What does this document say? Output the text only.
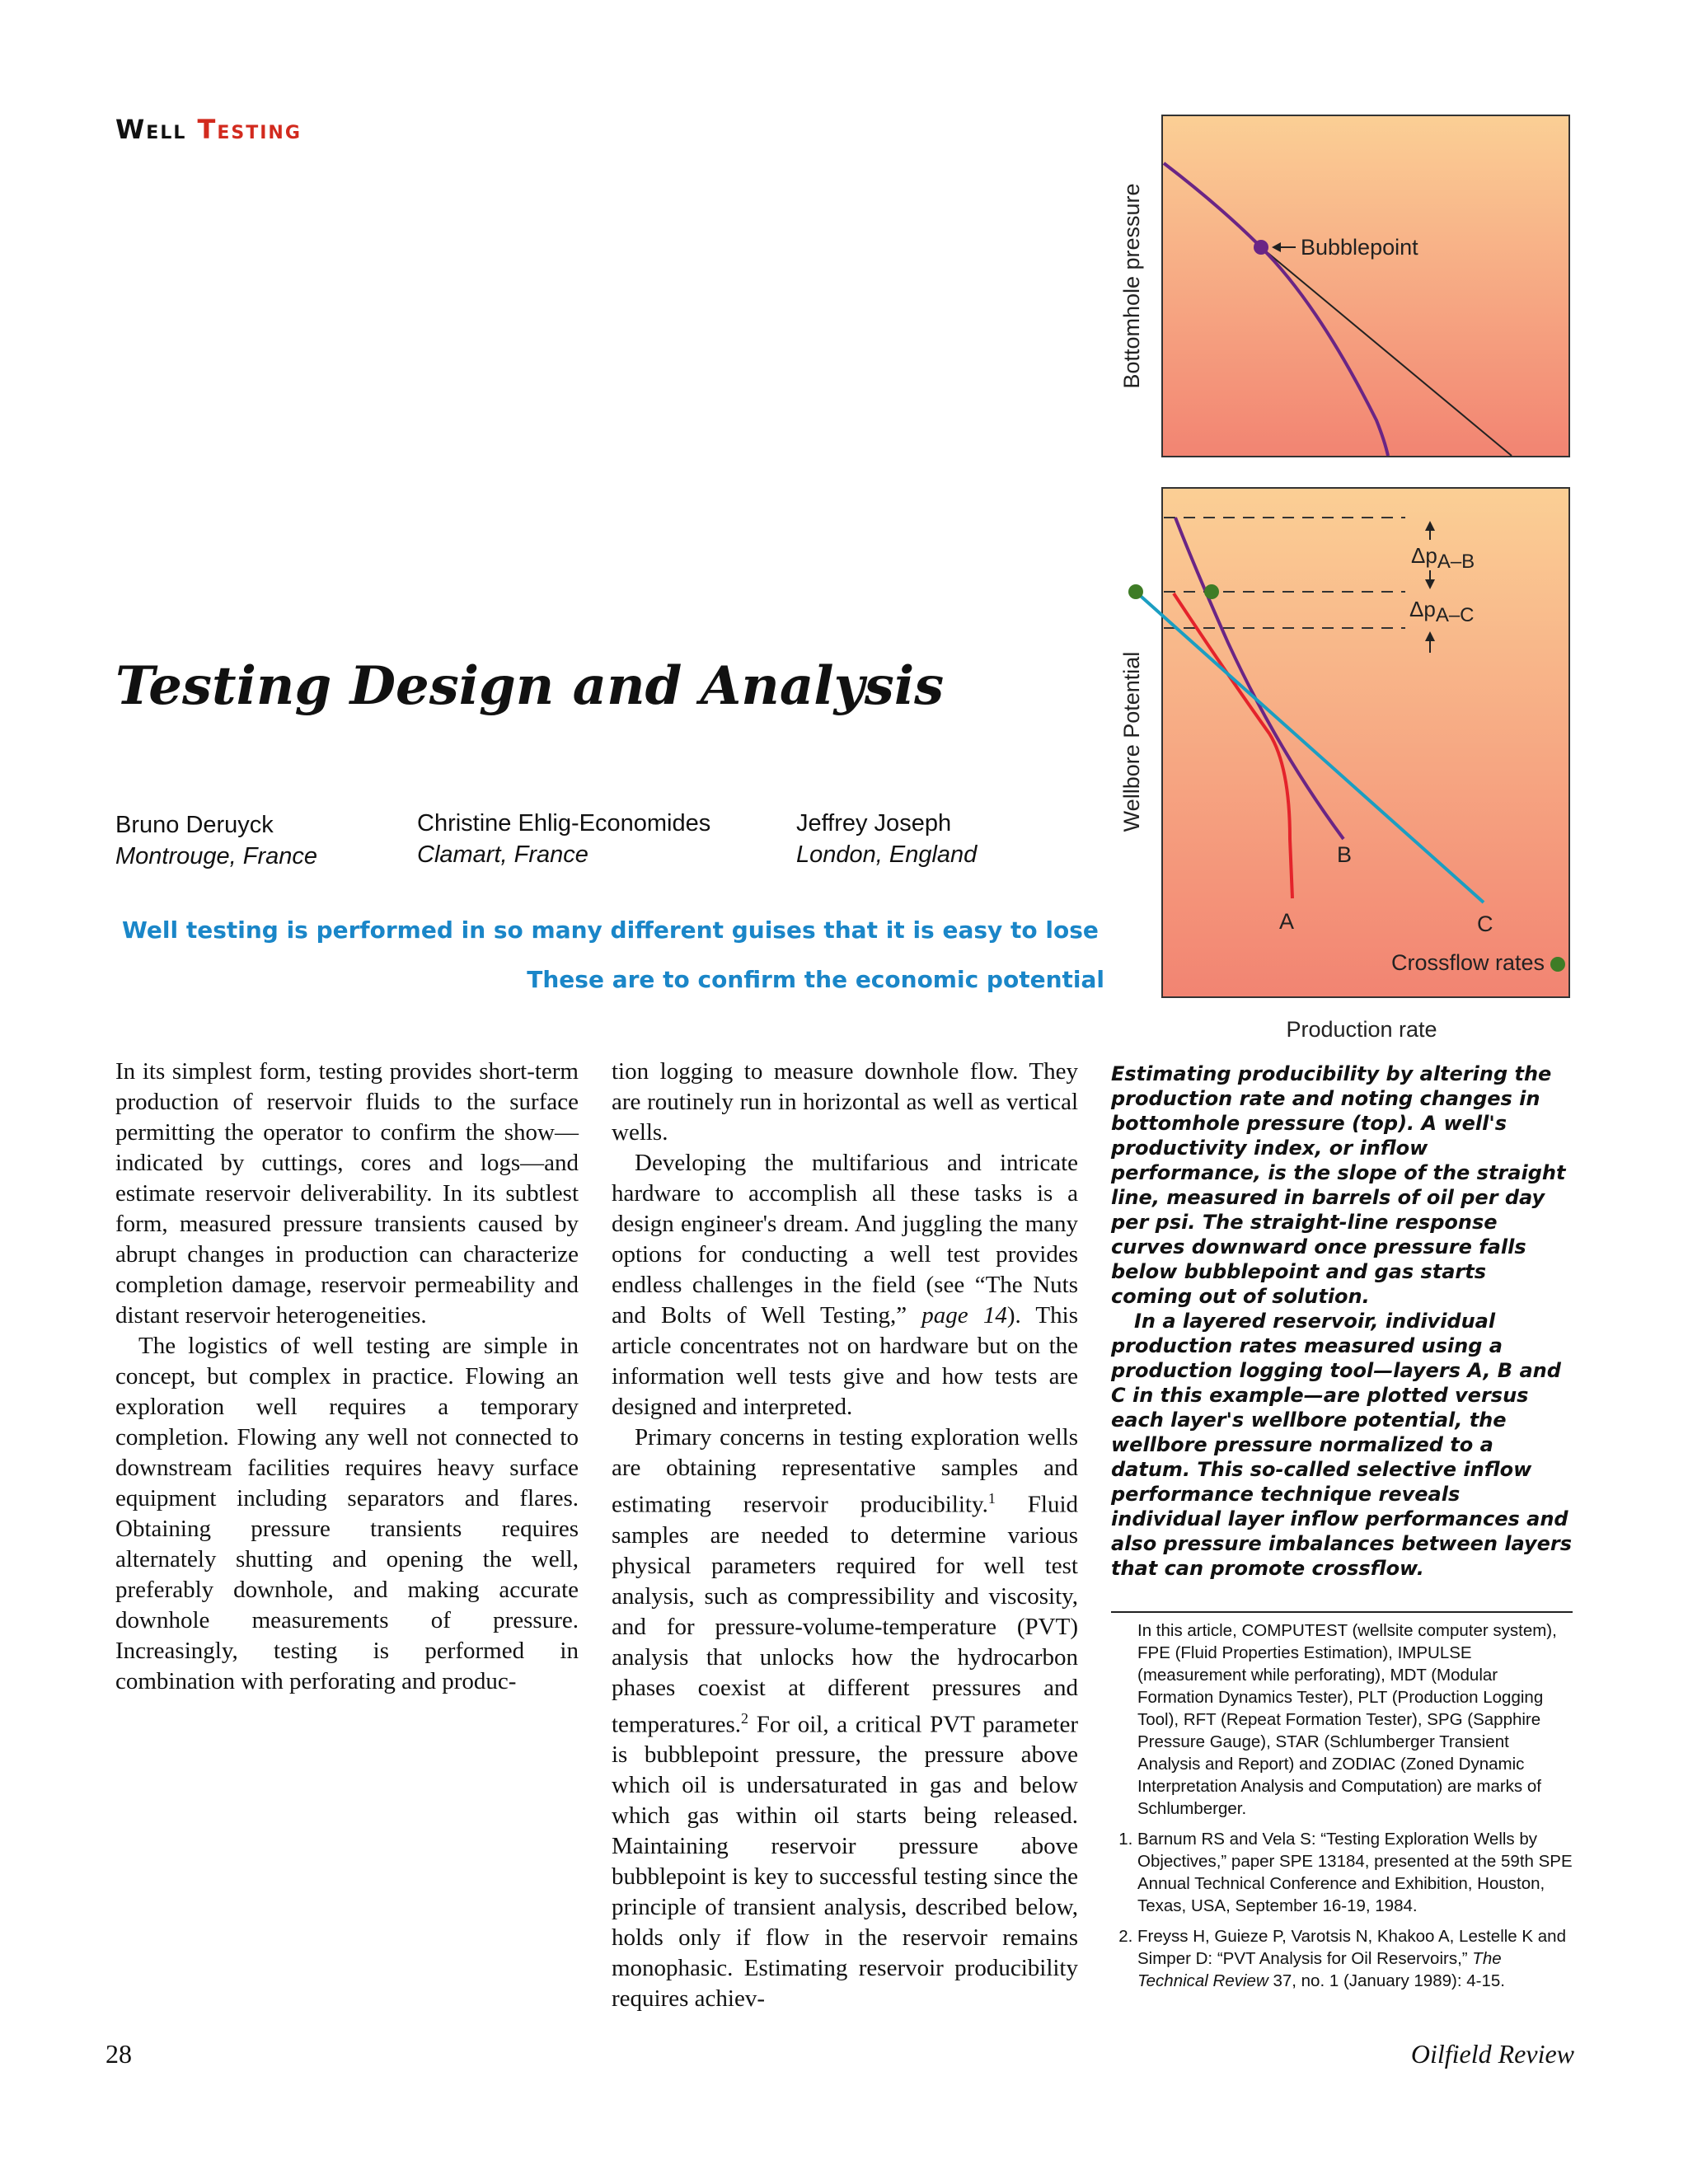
Well Testing
Testing Design and Analysis
Bruno Deruyck
Montrouge, France
Christine Ehlig-Economides
Clamart, France
Jeffrey Joseph
London, England
Well testing is performed in so many different guises that it is easy to lose
These are to confirm the economic potential
Bottomhole pressure	Bubblepoint
Wellbore Potential
ΔpA–B
ΔpA–C
B
A	C
Crossflow rates
Production rate

Estimating producibility by altering the production rate and noting changes in bottomhole pressure (top). A well's productivity index, or inflow performance, is the slope of the straight line, measured in barrels of oil per day per psi. The straight-line response curves downward once pressure falls below bubblepoint and gas starts coming out of solution.

In a layered reservoir, individual production rates measured using a production logging tool—layers A, B and C in this example—are plotted versus each layer's wellbore potential, the wellbore pressure normalized to a datum. This so-called selective inflow performance technique reveals individual layer inflow performances and also pressure imbalances between layers that can promote crossflow.

In its simplest form, testing provides short-term production of reservoir fluids to the surface permitting the operator to confirm the show—indicated by cuttings, cores and logs—and estimate reservoir deliverability. In its subtlest form, measured pressure transients caused by abrupt changes in production can characterize completion damage, reservoir permeability and distant reservoir heterogeneities.

The logistics of well testing are simple in concept, but complex in practice. Flowing an exploration well requires a temporary completion. Flowing any well not connected to downstream facilities requires heavy surface equipment including separators and flares. Obtaining pressure transients requires alternately shutting and opening the well, preferably downhole, and making accurate downhole measurements of pressure. Increasingly, testing is performed in combination with perforating and produc-

tion logging to measure downhole flow. They are routinely run in horizontal as well as vertical wells.

Developing the multifarious and intricate hardware to accomplish all these tasks is a design engineer's dream. And juggling the many options for conducting a well test provides endless challenges in the field (see “The Nuts and Bolts of Well Testing,” page 14). This article concentrates not on hardware but on the information well tests give and how tests are designed and interpreted.

Primary concerns in testing exploration wells are obtaining representative samples and estimating reservoir producibility.$^1$ Fluid samples are needed to determine various physical parameters required for well test analysis, such as compressibility and viscosity, and for pressure-volume-temperature (PVT) analysis that unlocks how the hydrocarbon phases coexist at different pressures and temperatures.$^2$ For oil, a critical PVT parameter is bubblepoint pressure, the pressure above which oil is undersaturated in gas and below which gas within oil starts being released. Maintaining reservoir pressure above bubblepoint is key to successful testing since the principle of transient analysis, described below, holds only if flow in the reservoir remains monophasic. Estimating reservoir producibility requires achiev-

In this article, COMPUTEST (wellsite computer system), FPE (Fluid Properties Estimation), IMPULSE (measurement while perforating), MDT (Modular Formation Dynamics Tester), PLT (Production Logging Tool), RFT (Repeat Formation Tester), SPG (Sapphire Pressure Gauge), STAR (Schlumberger Transient Analysis and Report) and ZODIAC (Zoned Dynamic Interpretation Analysis and Computation) are marks of Schlumberger.
1. Barnum RS and Vela S: “Testing Exploration Wells by Objectives,” paper SPE 13184, presented at the 59th SPE Annual Technical Conference and Exhibition, Houston, Texas, USA, September 16-19, 1984.
2. Freyss H, Guieze P, Varotsis N, Khakoo A, Lestelle K and Simper D: “PVT Analysis for Oil Reservoirs,” The Technical Review 37, no. 1 (January 1989): 4-15.
28	Oilfield Review
